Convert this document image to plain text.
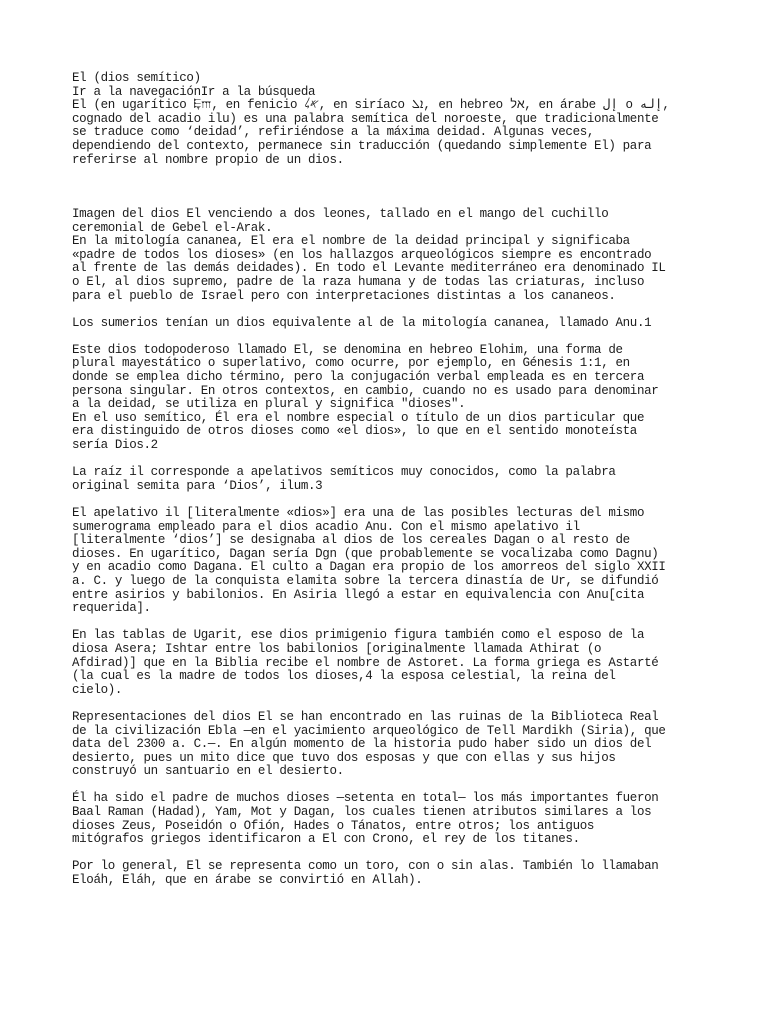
El (dios semítico)
Ir a la navegaciónIr a la búsqueda
El (en ugarítico 𐎛𐎍, en fenicio 𐤀𐤋, en siríaco ܐܠ, en hebreo אל, en árabe إل o إله,
cognado del acadio ilu) es una palabra semítica del noroeste, que tradicionalmente
se traduce como ‘deidad’, refiriéndose a la máxima deidad. Algunas veces,
dependiendo del contexto, permanece sin traducción (quedando simplemente El) para
referirse al nombre propio de un dios.
Imagen del dios El venciendo a dos leones, tallado en el mango del cuchillo
ceremonial de Gebel el-Arak.
En la mitología cananea, El era el nombre de la deidad principal y significaba
«padre de todos los dioses» (en los hallazgos arqueológicos siempre es encontrado
al frente de las demás deidades). En todo el Levante mediterráneo era denominado IL
o El, al dios supremo, padre de la raza humana y de todas las criaturas, incluso
para el pueblo de Israel pero con interpretaciones distintas a los cananeos.
Los sumerios tenían un dios equivalente al de la mitología cananea, llamado Anu.1
Este dios todopoderoso llamado El, se denomina en hebreo Elohim, una forma de
plural mayestático o superlativo, como ocurre, por ejemplo, en Génesis 1:1, en
donde se emplea dicho término, pero la conjugación verbal empleada es en tercera
persona singular. En otros contextos, en cambio, cuando no es usado para denominar
a la deidad, se utiliza en plural y significa "dioses".
En el uso semítico, Él era el nombre especial o título de un dios particular que
era distinguido de otros dioses como «el dios», lo que en el sentido monoteísta
sería Dios.2
La raíz il corresponde a apelativos semíticos muy conocidos, como la palabra
original semita para ‘Dios’, ilum.3
El apelativo il [literalmente «dios»] era una de las posibles lecturas del mismo
sumerograma empleado para el dios acadio Anu. Con el mismo apelativo il
[literalmente ‘dios’] se designaba al dios de los cereales Dagan o al resto de
dioses. En ugarítico, Dagan sería Dgn (que probablemente se vocalizaba como Dagnu)
y en acadio como Dagana. El culto a Dagan era propio de los amorreos del siglo XXII
a. C. y luego de la conquista elamita sobre la tercera dinastía de Ur, se difundió
entre asirios y babilonios. En Asiria llegó a estar en equivalencia con Anu[cita
requerida].
En las tablas de Ugarit, ese dios primigenio figura también como el esposo de la
diosa Asera; Ishtar entre los babilonios [originalmente llamada Athirat (o
Afdirad)] que en la Biblia recibe el nombre de Astoret. La forma griega es Astarté
(la cual es la madre de todos los dioses,4 la esposa celestial, la reina del
cielo).
Representaciones del dios El se han encontrado en las ruinas de la Biblioteca Real
de la civilización Ebla —en el yacimiento arqueológico de Tell Mardikh (Siria), que
data del 2300 a. C.—. En algún momento de la historia pudo haber sido un dios del
desierto, pues un mito dice que tuvo dos esposas y que con ellas y sus hijos
construyó un santuario en el desierto.
Él ha sido el padre de muchos dioses —setenta en total— los más importantes fueron
Baal Raman (Hadad), Yam, Mot y Dagan, los cuales tienen atributos similares a los
dioses Zeus, Poseidón o Ofión, Hades o Tánatos, entre otros; los antiguos
mitógrafos griegos identificaron a El con Crono, el rey de los titanes.
Por lo general, El se representa como un toro, con o sin alas. También lo llamaban
Eloáh, Eláh, que en árabe se convirtió en Allah).
